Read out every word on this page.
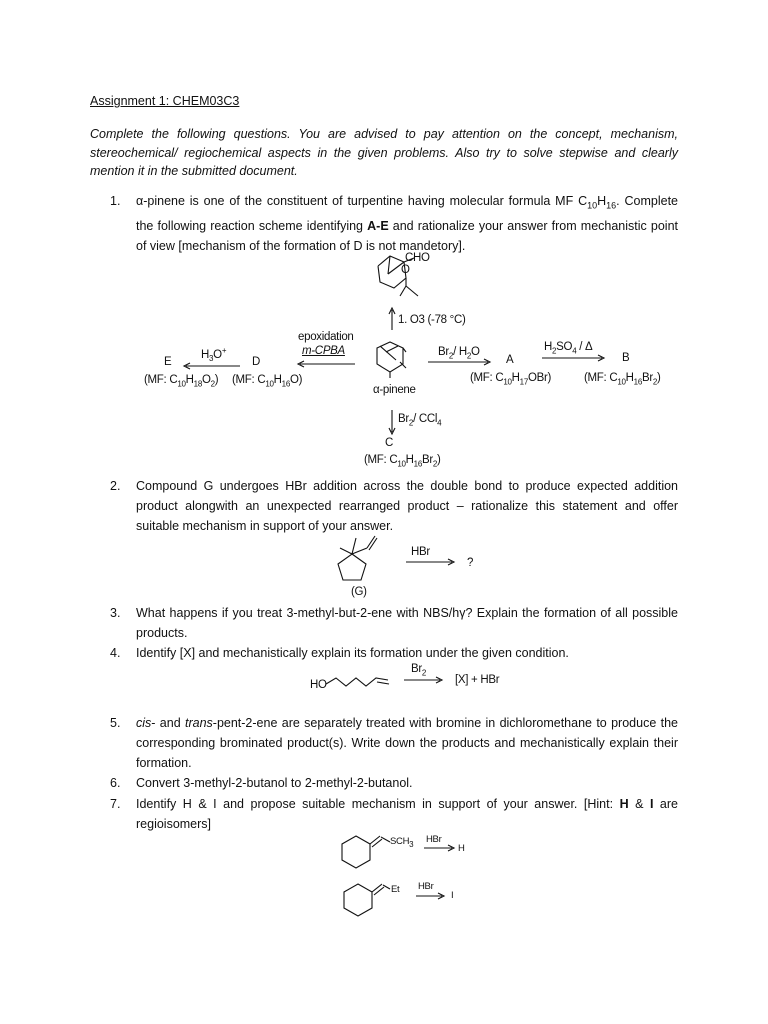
Assignment 1: CHEM03C3
Complete the following questions. You are advised to pay attention on the concept, mechanism, stereochemical/ regiochemical aspects in the given problems. Also try to solve stepwise and clearly mention it in the submitted document.
1. α-pinene is one of the constituent of turpentine having molecular formula MF $C_{10}H_{16}$. Complete the following reaction scheme identifying A-E and rationalize your answer from mechanistic point of view [mechanism of the formation of D is not mandetory].
CHO
O
1. O3 (-78 °C)
epoxidation
m-CPBA
$H_3O^+$
E	D
(MF: $C_{10}H_{18}O_2$) (MF: $C_{10}H_{16}O$)
α-pinene
$Br_2/$ $H_2O$
A
(MF: $C_{10}H_{17}OBr$)
$H_2SO_4$ / Δ
B
(MF: $C_{10}H_{16}Br_2$)
$Br_2/$ CCl$_4$
C
(MF: $C_{10}H_{16}Br_2$)
2. Compound G undergoes HBr addition across the double bond to produce expected addition product alongwith an unexpected rearranged product – rationalize this statement and offer suitable mechanism in support of your answer.
HBr
?
(G)
3. What happens if you treat 3-methyl-but-2-ene with NBS/hγ? Explain the formation of all possible products.
4. Identify [X] and mechanistically explain its formation under the given condition.
HO
$Br_2$
[X] + HBr
5. cis- and trans-pent-2-ene are separately treated with bromine in dichloromethane to produce the corresponding brominated product(s). Write down the products and mechanistically explain their formation.
6. Convert 3-methyl-2-butanol to 2-methyl-2-butanol.
7. Identify H & I and propose suitable mechanism in support of your answer. [Hint: H & I are regioisomers]
$SCH_3$ HBr
H
Et HBr
I
